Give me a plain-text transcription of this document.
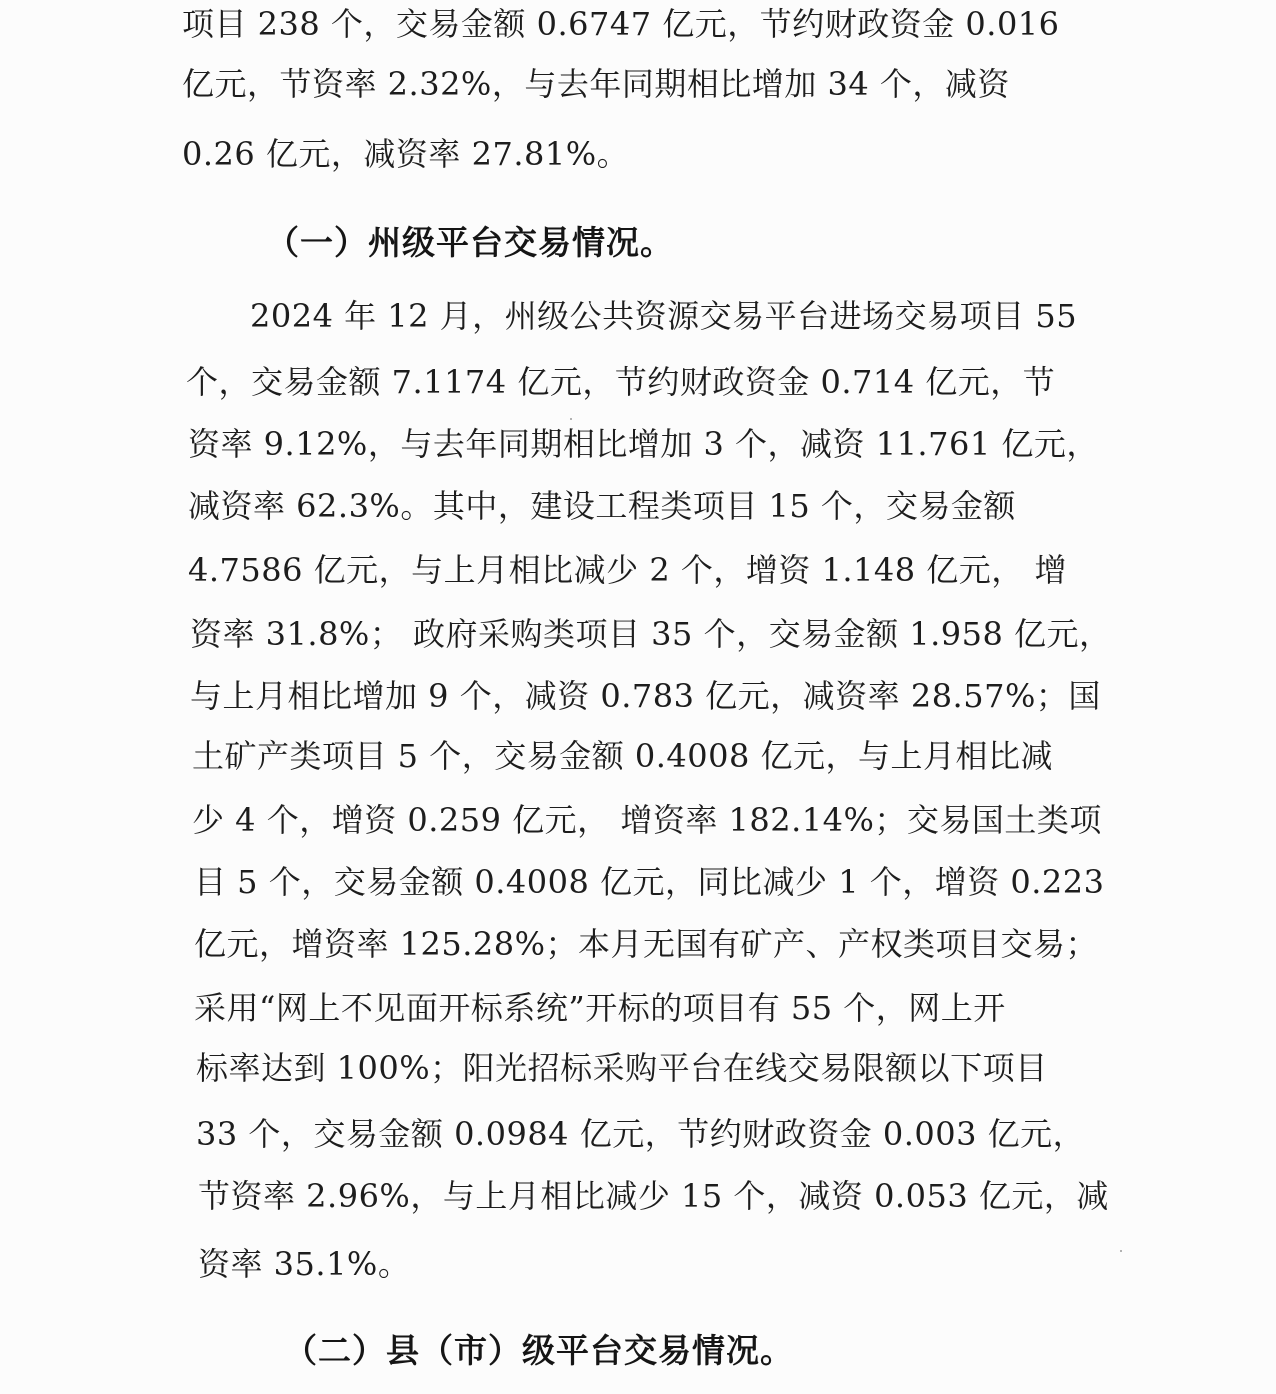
项目 238 个，交易金额 0.6747 亿元，节约财政资金 0.016
亿元，节资率 2.32%，与去年同期相比增加 34 个，减资
0.26 亿元，减资率 27.81%。
（一）州级平台交易情况。
2024 年 12 月，州级公共资源交易平台进场交易项目 55
个，交易金额 7.1174 亿元，节约财政资金 0.714 亿元，节
资率 9.12%，与去年同期相比增加 3 个，减资 11.761 亿元，
减资率 62.3%。其中，建设工程类项目 15 个，交易金额
4.7586 亿元，与上月相比减少 2 个，增资 1.148 亿元， 增
资率 31.8%； 政府采购类项目 35 个，交易金额 1.958 亿元，
与上月相比增加 9 个，减资 0.783 亿元，减资率 28.57%；国
土矿产类项目 5 个，交易金额 0.4008 亿元，与上月相比减
少 4 个，增资 0.259 亿元， 增资率 182.14%；交易国土类项
目 5 个，交易金额 0.4008 亿元，同比减少 1 个，增资 0.223
亿元，增资率 125.28%；本月无国有矿产、产权类项目交易；
采用“网上不见面开标系统”开标的项目有 55 个，网上开
标率达到 100%；阳光招标采购平台在线交易限额以下项目
33 个，交易金额 0.0984 亿元，节约财政资金 0.003 亿元，
节资率 2.96%，与上月相比减少 15 个，减资 0.053 亿元，减
资率 35.1%。
（二）县（市）级平台交易情况。
